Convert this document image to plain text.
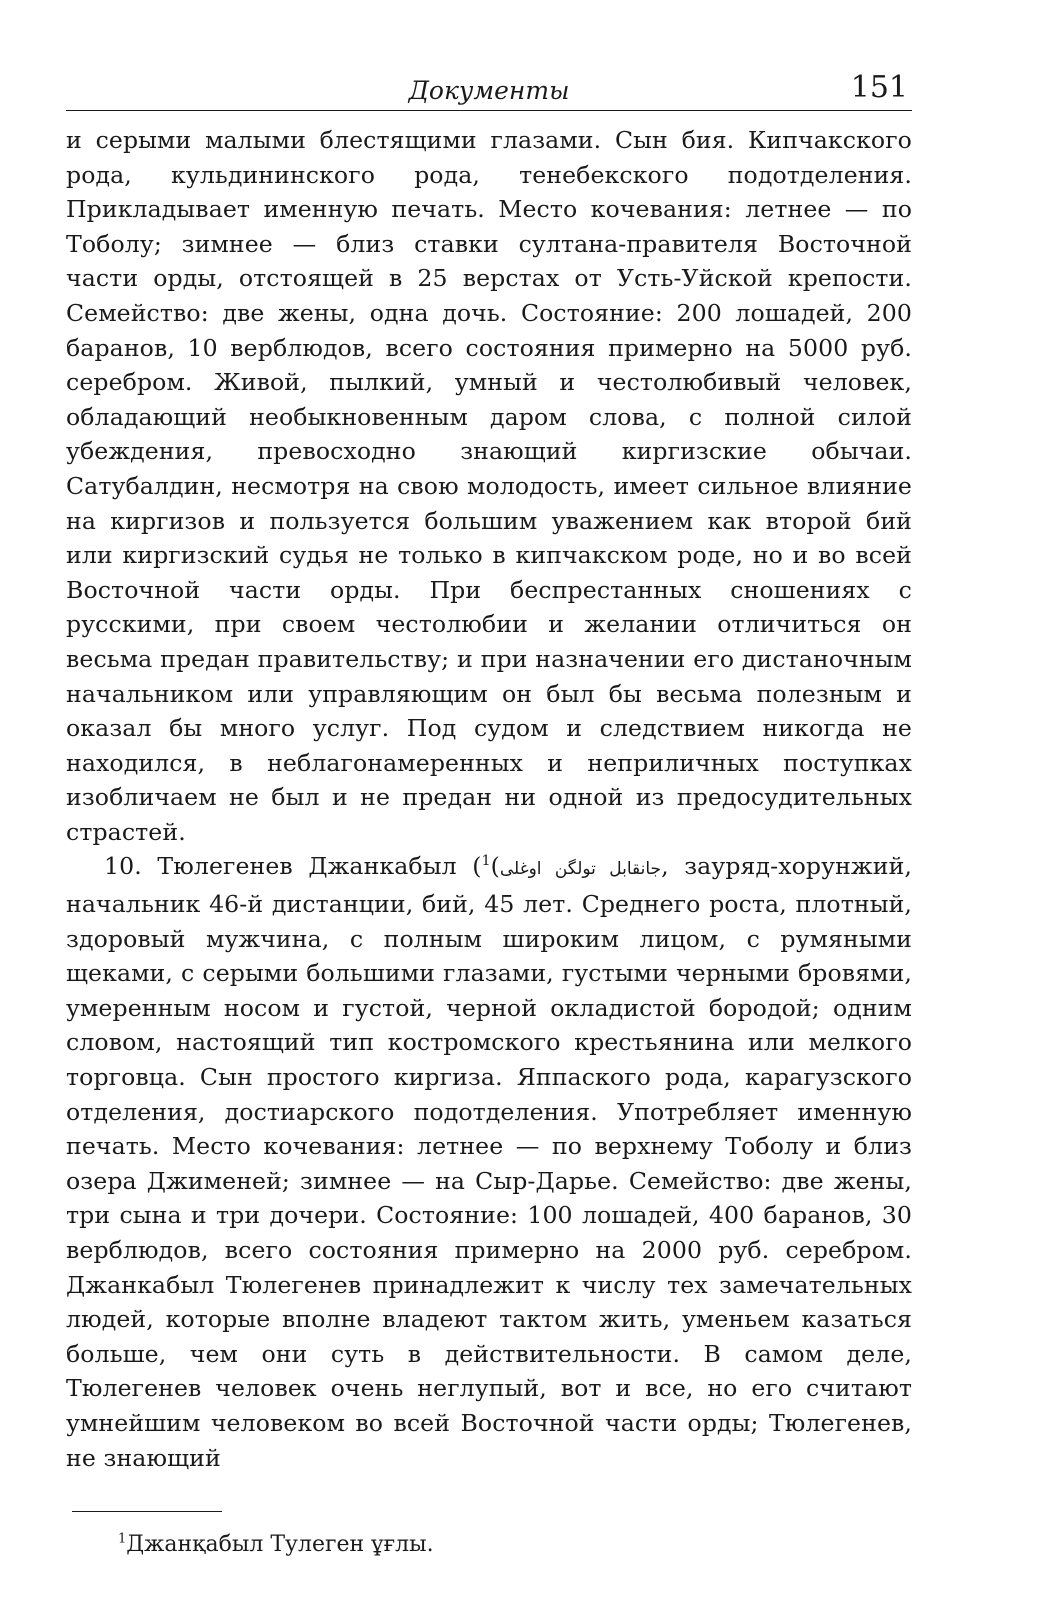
Документы	151

и серыми малыми блестящими глазами. Сын бия. Кипчакского рода, кульдининского рода, тенебекского подотделения. Прикладывает именную печать. Место кочевания: летнее — по Тоболу; зимнее — близ ставки султана-правителя Восточной части орды, отстоящей в 25 верстах от Усть-Уйской крепости. Семейство: две жены, одна дочь. Состояние: 200 лошадей, 200 баранов, 10 верблюдов, всего состояния примерно на 5000 руб. серебром. Живой, пылкий, умный и честолюбивый человек, обладающий необыкновенным даром слова, с полной силой убеждения, превосходно знающий киргизские обычаи. Сатубалдин, несмотря на свою молодость, имеет сильное влияние на киргизов и пользуется большим уважением как второй бий или киргизский судья не только в кипчакском роде, но и во всей Восточной части орды. При беспрестанных сношениях с русскими, при своем честолюбии и желании отличиться он весьма предан правительству; и при назначении его дистаночным начальником или управляющим он был бы весьма полезным и оказал бы много услуг. Под судом и следствием никогда не находился, в неблагонамеренных и неприличных поступках изобличаем не был и не предан ни одной из предосудительных страстей.

10. Тюлегенев Джанкабыл ( جانقابل تولگن اوغلی)$^1$	, зауряд-хорунжий, начальник 46-й дистанции, бий, 45 лет. Среднего роста, плотный, здоровый мужчина, с полным широким лицом, с румяными щеками, с серыми большими глазами, густыми черными бровями, умеренным носом и густой, черной окладистой бородой; одним словом, настоящий тип костромского крестьянина или мелкого торговца. Сын простого киргиза. Яппаского рода, карагузского отделения, достиарского подотделения. Употребляет именную печать. Место кочевания: летнее — по верхнему Тоболу и близ озера Джименей; зимнее — на Сыр-Дарье. Семейство: две жены, три сына и три дочери. Состояние: 100 лошадей, 400 баранов, 30 верблюдов, всего состояния примерно на 2000 руб. серебром. Джанкабыл Тюлегенев принадлежит к числу тех замечательных людей, которые вполне владеют тактом жить, уменьем казаться больше, чем они суть в действительности. В самом деле, Тюлегенев человек очень неглупый, вот и все, но его считают умнейшим человеком во всей Восточной части орды; Тюлегенев, не знающий

$^1$Джанқабыл Тулеген ұғлы.
